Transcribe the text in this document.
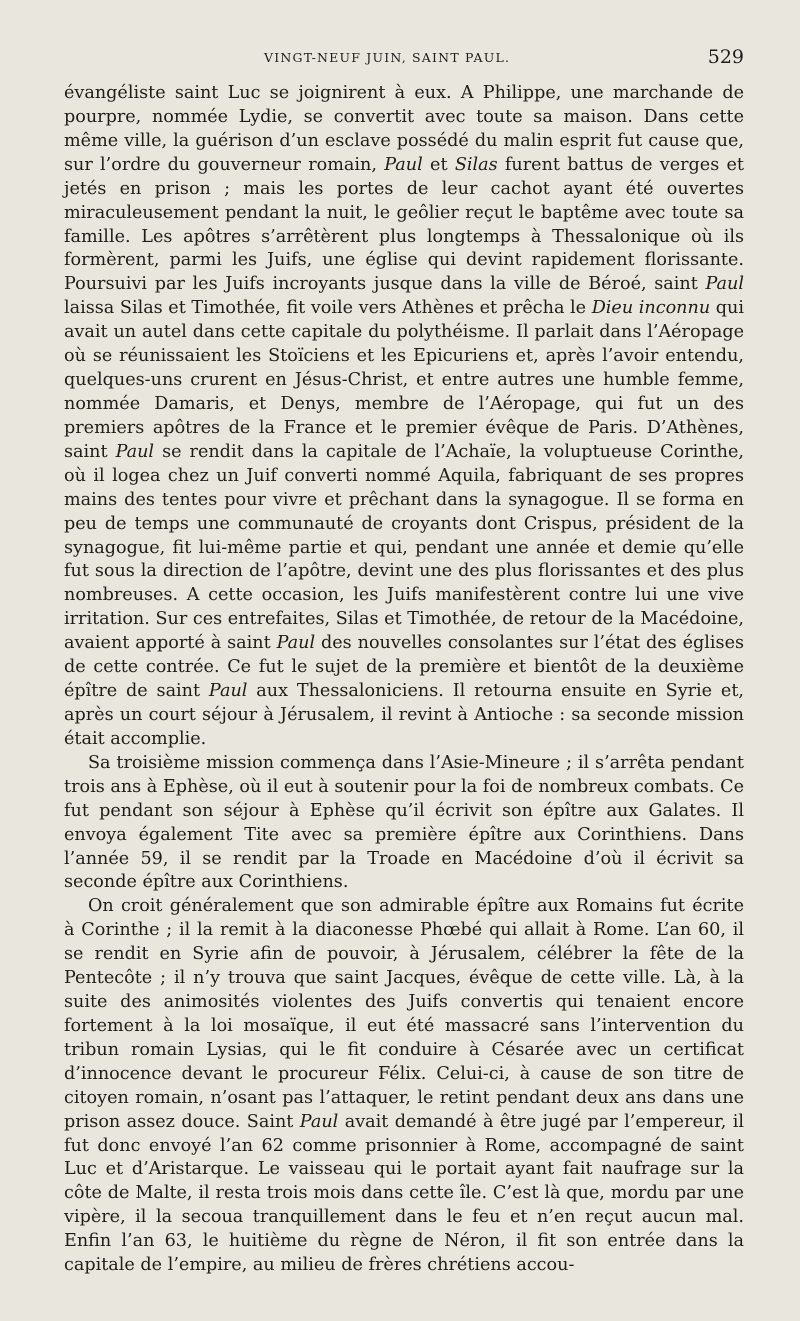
VINGT-NEUF JUIN, SAINT PAUL.	529

évangéliste saint Luc se joignirent à eux. A Philippe, une marchande de pourpre, nommée Lydie, se convertit avec toute sa maison. Dans cette même ville, la guérison d’un esclave possédé du malin esprit fut cause que, sur l’ordre du gouverneur romain, Paul et Silas furent battus de verges et jetés en prison ; mais les portes de leur cachot ayant été ouvertes miraculeusement pendant la nuit, le geôlier reçut le baptême avec toute sa famille. Les apôtres s’arrêtèrent plus longtemps à Thessalonique où ils formèrent, parmi les Juifs, une église qui devint rapidement florissante. Poursuivi par les Juifs incroyants jusque dans la ville de Béroé, saint Paul laissa Silas et Timothée, fit voile vers Athènes et prêcha le Dieu inconnu qui avait un autel dans cette capitale du polythéisme. Il parlait dans l’Aéropage où se réunissaient les Stoïciens et les Epicuriens et, après l’avoir entendu, quelques-uns crurent en Jésus-Christ, et entre autres une humble femme, nommée Damaris, et Denys, membre de l’Aéropage, qui fut un des premiers apôtres de la France et le premier évêque de Paris. D’Athènes, saint Paul se rendit dans la capitale de l’Achaïe, la voluptueuse Corinthe, où il logea chez un Juif converti nommé Aquila, fabriquant de ses propres mains des tentes pour vivre et prêchant dans la synagogue. Il se forma en peu de temps une communauté de croyants dont Crispus, président de la synagogue, fit lui-même partie et qui, pendant une année et demie qu’elle fut sous la direction de l’apôtre, devint une des plus florissantes et des plus nombreuses. A cette occasion, les Juifs manifestèrent contre lui une vive irritation. Sur ces entrefaites, Silas et Timothée, de retour de la Macédoine, avaient apporté à saint Paul des nouvelles consolantes sur l’état des églises de cette contrée. Ce fut le sujet de la première et bientôt de la deuxième épître de saint Paul aux Thessaloniciens. Il retourna ensuite en Syrie et, après un court séjour à Jérusalem, il revint à Antioche : sa seconde mission était accomplie.

Sa troisième mission commença dans l’Asie-Mineure ; il s’arrêta pendant trois ans à Ephèse, où il eut à soutenir pour la foi de nombreux combats. Ce fut pendant son séjour à Ephèse qu’il écrivit son épître aux Galates. Il envoya également Tite avec sa première épître aux Corinthiens. Dans l’année 59, il se rendit par la Troade en Macédoine d’où il écrivit sa seconde épître aux Corinthiens.

On croit généralement que son admirable épître aux Romains fut écrite à Corinthe ; il la remit à la diaconesse Phœbé qui allait à Rome. L’an 60, il se rendit en Syrie afin de pouvoir, à Jérusalem, célébrer la fête de la Pentecôte ; il n’y trouva que saint Jacques, évêque de cette ville. Là, à la suite des animosités violentes des Juifs convertis qui tenaient encore fortement à la loi mosaïque, il eut été massacré sans l’intervention du tribun romain Lysias, qui le fit conduire à Césarée avec un certificat d’innocence devant le procureur Félix. Celui-ci, à cause de son titre de citoyen romain, n’osant pas l’attaquer, le retint pendant deux ans dans une prison assez douce. Saint Paul avait demandé à être jugé par l’empereur, il fut donc envoyé l’an 62 comme prisonnier à Rome, accompagné de saint Luc et d’Aristarque. Le vaisseau qui le portait ayant fait naufrage sur la côte de Malte, il resta trois mois dans cette île. C’est là que, mordu par une vipère, il la secoua tranquillement dans le feu et n’en reçut aucun mal. Enfin l’an 63, le huitième du règne de Néron, il fit son entrée dans la capitale de l’empire, au milieu de frères chrétiens accou-
